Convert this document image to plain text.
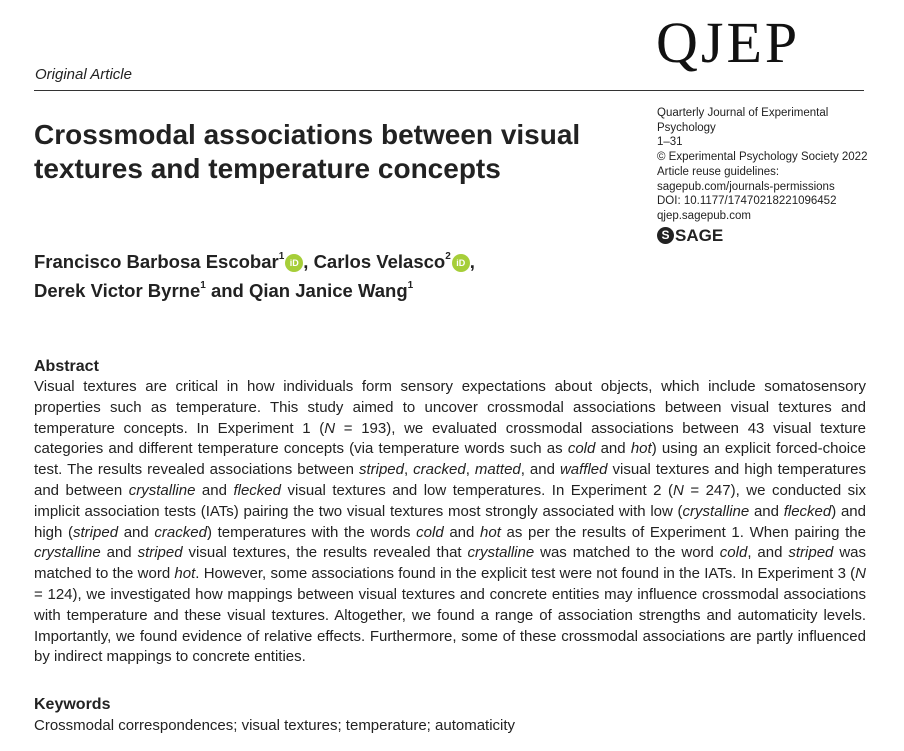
QJEP
Original Article
Crossmodal associations between visual textures and temperature concepts
Quarterly Journal of Experimental
Psychology
1–31
© Experimental Psychology Society 2022
Article reuse guidelines:
sagepub.com/journals-permissions
DOI: 10.1177/17470218221096452
qjep.sagepub.com
S SAGE
Francisco Barbosa Escobar$^1$iD , Carlos Velasco$^2$iD ,
Derek Victor Byrne$^1$ and Qian Janice Wang$^1$
Abstract

Visual textures are critical in how individuals form sensory expectations about objects, which include somatosensory properties such as temperature. This study aimed to uncover crossmodal associations between visual textures and temperature concepts. In Experiment 1 (N = 193), we evaluated crossmodal associations between 43 visual texture categories and different temperature concepts (via temperature words such as cold and hot) using an explicit forced-choice test. The results revealed associations between striped, cracked, matted, and waffled visual textures and high temperatures and between crystalline and flecked visual textures and low temperatures. In Experiment 2 (N = 247), we conducted six implicit association tests (IATs) pairing the two visual textures most strongly associated with low (crystalline and flecked) and high (striped and cracked) temperatures with the words cold and hot as per the results of Experiment 1. When pairing the crystalline and striped visual textures, the results revealed that crystalline was matched to the word cold, and striped was matched to the word hot. However, some associations found in the explicit test were not found in the IATs. In Experiment 3 (N = 124), we investigated how mappings between visual textures and concrete entities may influence crossmodal associations with temperature and these visual textures. Altogether, we found a range of association strengths and automaticity levels. Importantly, we found evidence of relative effects. Furthermore, some of these crossmodal associations are partly influenced by indirect mappings to concrete entities.

Keywords
Crossmodal correspondences; visual textures; temperature; automaticity
